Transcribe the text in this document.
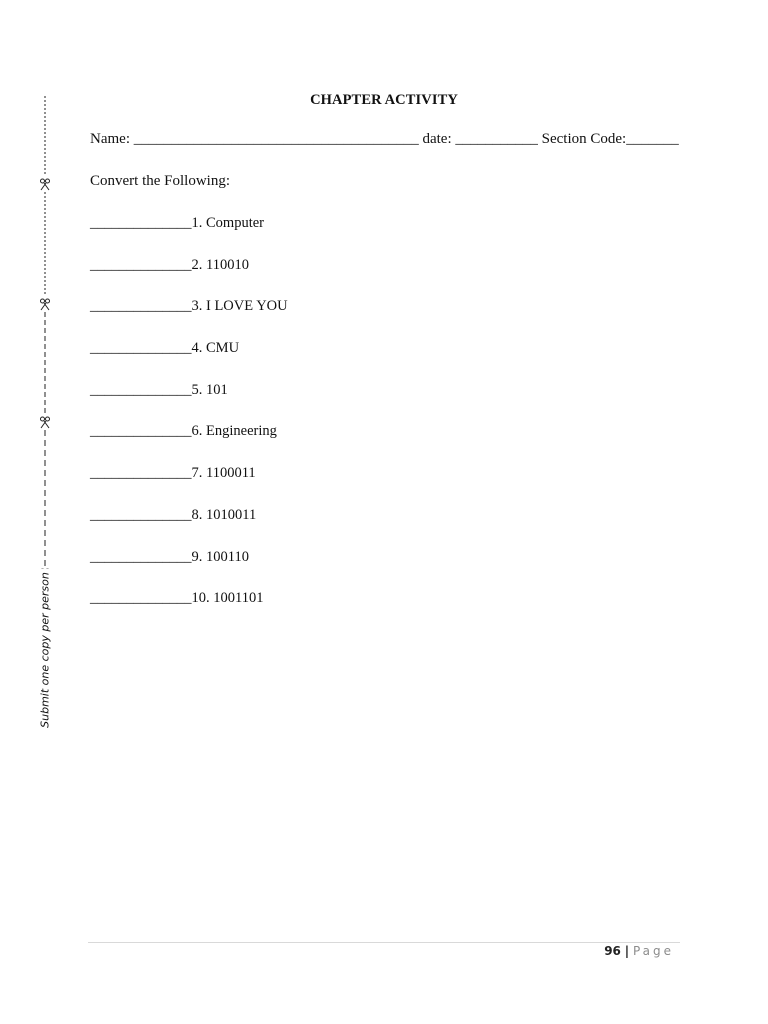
CHAPTER ACTIVITY
Name: ______________________________________ date: ___________ Section Code:_______
Convert the Following:
______________1. Computer
______________2. 110010
______________3. I LOVE YOU
______________4. CMU
______________5. 101
______________6. Engineering
______________7. 1100011
______________8. 1010011
______________9. 100110
______________10. 1001101
Submit one copy per person
96 | Page
